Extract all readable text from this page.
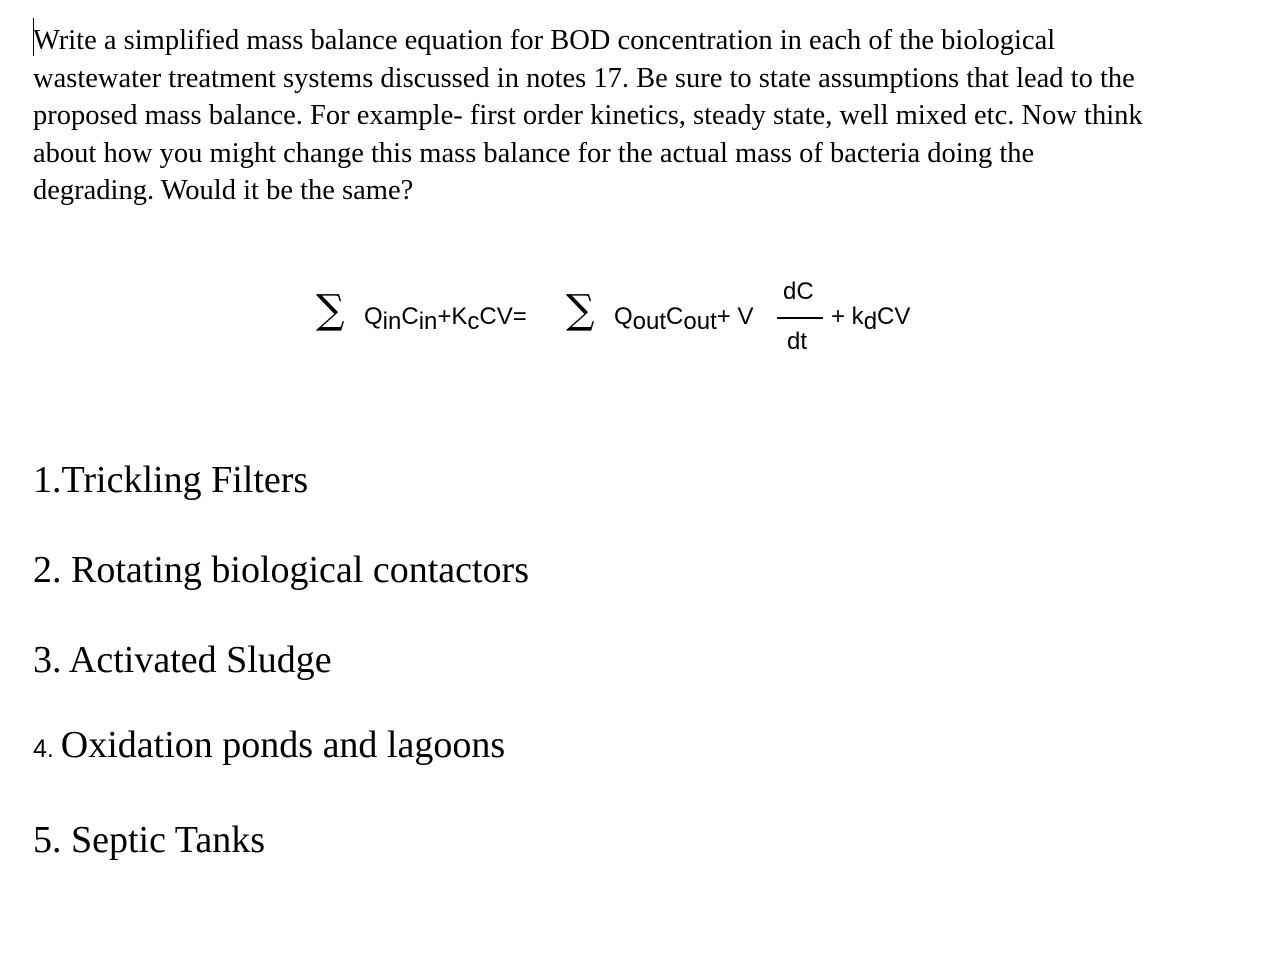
Write a simplified mass balance equation for BOD concentration in each of the biological
wastewater treatment systems discussed in notes 17. Be sure to state assumptions that lead to the
proposed mass balance. For example- first order kinetics, steady state, well mixed etc. Now think
about how you might change this mass balance for the actual mass of bacteria doing the
degrading. Would it be the same?

∑ QinCin+KcCV= ∑ QoutCout+ V
dC
dt
+ kdCV

1.Trickling Filters

2. Rotating biological contactors

3. Activated Sludge

4. Oxidation ponds and lagoons

5. Septic Tanks
